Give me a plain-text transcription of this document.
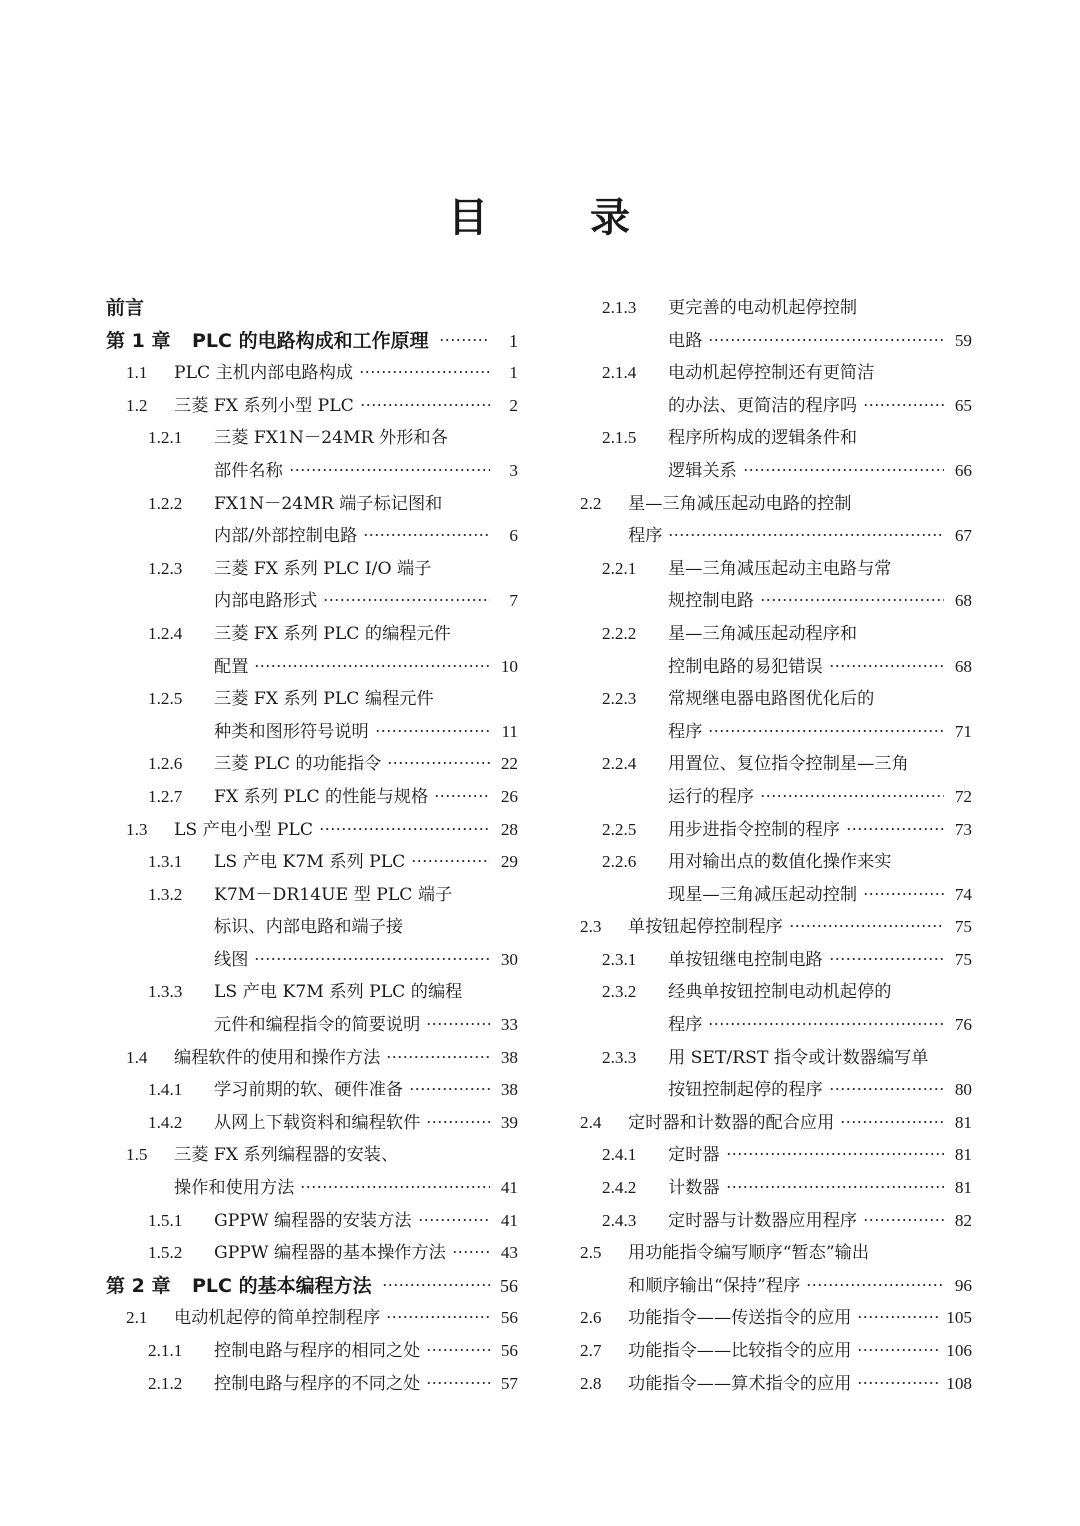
目	录
前言
第 1 章	PLC 的电路构成和工作原理	1
1.1	PLC 主机内部电路构成	1
1.2	三菱 FX 系列小型 PLC	2
1.2.1	三菱 FX1N－24MR 外形和各
部件名称	3
1.2.2	FX1N－24MR 端子标记图和
内部/外部控制电路	6
1.2.3	三菱 FX 系列 PLC I/O 端子
内部电路形式	7
1.2.4	三菱 FX 系列 PLC 的编程元件
配置	10
1.2.5	三菱 FX 系列 PLC 编程元件
种类和图形符号说明	11
1.2.6	三菱 PLC 的功能指令	22
1.2.7	FX 系列 PLC 的性能与规格	26
1.3	LS 产电小型 PLC	28
1.3.1	LS 产电 K7M 系列 PLC	29
1.3.2	K7M－DR14UE 型 PLC 端子
标识、内部电路和端子接
线图	30
1.3.3	LS 产电 K7M 系列 PLC 的编程
元件和编程指令的简要说明	33
1.4	编程软件的使用和操作方法	38
1.4.1	学习前期的软、硬件准备	38
1.4.2	从网上下载资料和编程软件	39
1.5	三菱 FX 系列编程器的安装、
操作和使用方法	41
1.5.1	GPPW 编程器的安装方法	41
1.5.2	GPPW 编程器的基本操作方法	43
第 2 章	PLC 的基本编程方法	56
2.1	电动机起停的简单控制程序	56
2.1.1	控制电路与程序的相同之处	56
2.1.2	控制电路与程序的不同之处	57
2.1.3	更完善的电动机起停控制
电路	59
2.1.4	电动机起停控制还有更简洁
的办法、更简洁的程序吗	65
2.1.5	程序所构成的逻辑条件和
逻辑关系	66
2.2	星—三角减压起动电路的控制
程序	67
2.2.1	星—三角减压起动主电路与常
规控制电路	68
2.2.2	星—三角减压起动程序和
控制电路的易犯错误	68
2.2.3	常规继电器电路图优化后的
程序	71
2.2.4	用置位、复位指令控制星—三角
运行的程序	72
2.2.5	用步进指令控制的程序	73
2.2.6	用对输出点的数值化操作来实
现星—三角减压起动控制	74
2.3	单按钮起停控制程序	75
2.3.1	单按钮继电控制电路	75
2.3.2	经典单按钮控制电动机起停的
程序	76
2.3.3	用 SET/RST 指令或计数器编写单
按钮控制起停的程序	80
2.4	定时器和计数器的配合应用	81
2.4.1	定时器	81
2.4.2	计数器	81
2.4.3	定时器与计数器应用程序	82
2.5	用功能指令编写顺序“暂态”输出
和顺序输出“保持”程序	96
2.6	功能指令——传送指令的应用	105
2.7	功能指令——比较指令的应用	106
2.8	功能指令——算术指令的应用	108
